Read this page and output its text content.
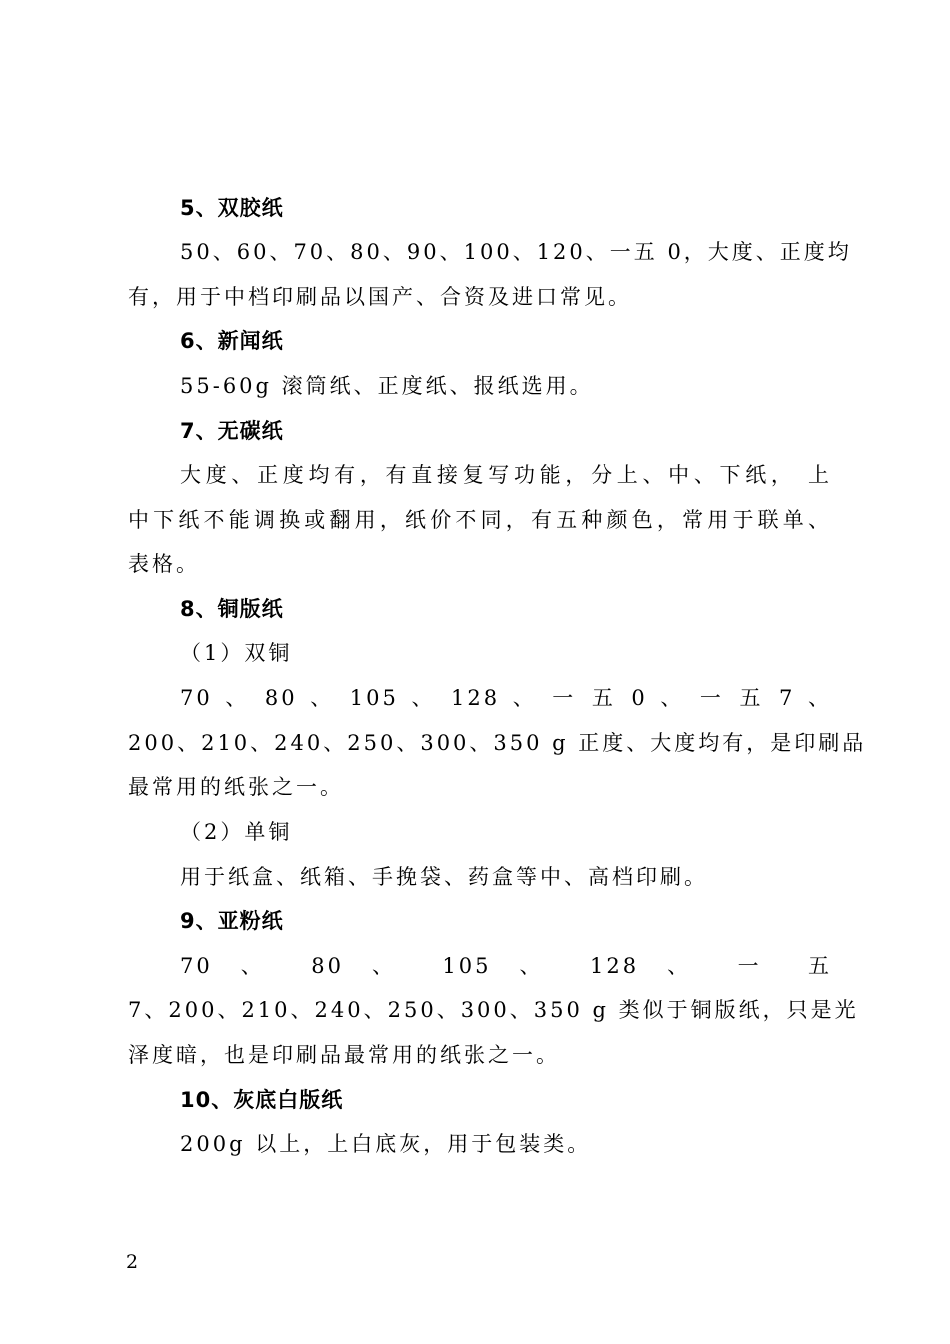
5、双胶纸
50、60、70、80、90、100、120、一五 0，大度、正度均
有，用于中档印刷品以国产、合资及进口常见。
6、新闻纸
55-60g 滚筒纸、正度纸、报纸选用。
7、无碳纸
大度、正度均有，有直接复写功能，分上、中、下纸， 上
中下纸不能调换或翻用，纸价不同，有五种颜色，常用于联单、
表格。
8、铜版纸
（1）双铜
70 、 80 、 105 、 128 、 一 五 0 、 一 五 7 、
200、210、240、250、300、350 g 正度、大度均有，是印刷品
最常用的纸张之一。
（2）单铜
用于纸盒、纸箱、手挽袋、药盒等中、高档印刷。
9、亚粉纸
70 、 80 、 105 、 128 、 一 五
7、200、210、240、250、300、350 g 类似于铜版纸，只是光
泽度暗，也是印刷品最常用的纸张之一。
10、灰底白版纸
200g 以上，上白底灰，用于包装类。
2
